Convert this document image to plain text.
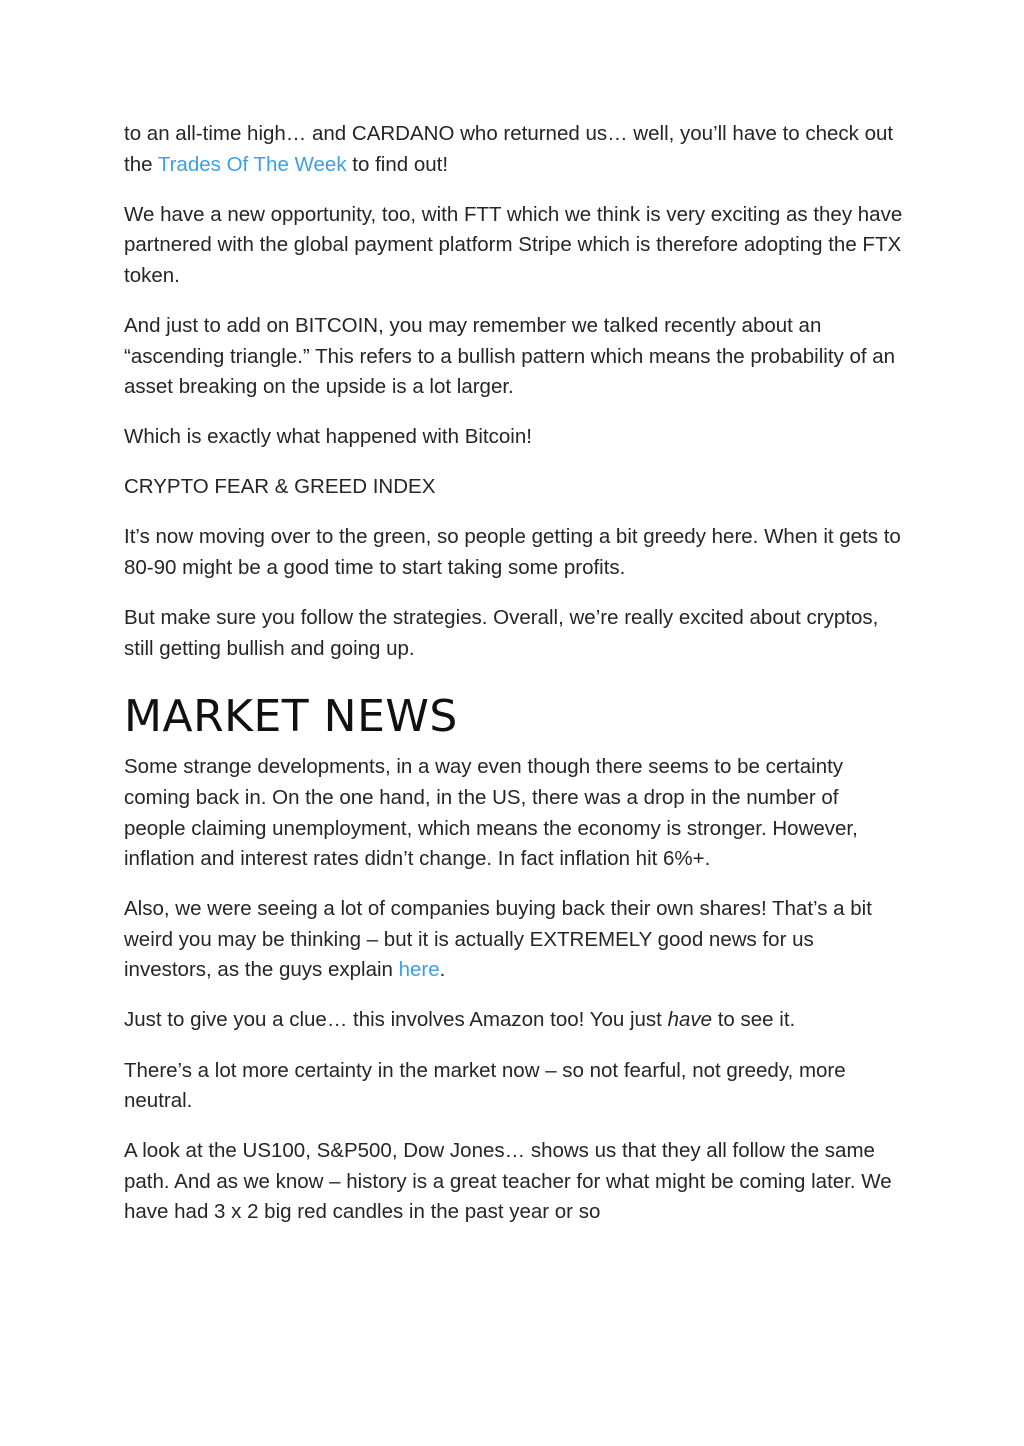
to an all-time high… and CARDANO who returned us… well, you’ll have to check out the Trades Of The Week to find out!

We have a new opportunity, too, with FTT which we think is very exciting as they have partnered with the global payment platform Stripe which is therefore adopting the FTX token.

And just to add on BITCOIN, you may remember we talked recently about an “ascending triangle.” This refers to a bullish pattern which means the probability of an asset breaking on the upside is a lot larger.

Which is exactly what happened with Bitcoin!

CRYPTO FEAR & GREED INDEX

It’s now moving over to the green, so people getting a bit greedy here. When it gets to 80-90 might be a good time to start taking some profits.

But make sure you follow the strategies. Overall, we’re really excited about cryptos, still getting bullish and going up.

MARKET NEWS

Some strange developments, in a way even though there seems to be certainty coming back in. On the one hand, in the US, there was a drop in the number of people claiming unemployment, which means the economy is stronger. However, inflation and interest rates didn’t change. In fact inflation hit 6%+.

Also, we were seeing a lot of companies buying back their own shares! That’s a bit weird you may be thinking – but it is actually EXTREMELY good news for us investors, as the guys explain here.

Just to give you a clue… this involves Amazon too! You just have to see it.

There’s a lot more certainty in the market now – so not fearful, not greedy, more neutral.

A look at the US100, S&P500, Dow Jones… shows us that they all follow the same path. And as we know – history is a great teacher for what might be coming later. We have had 3 x 2 big red candles in the past year or so
